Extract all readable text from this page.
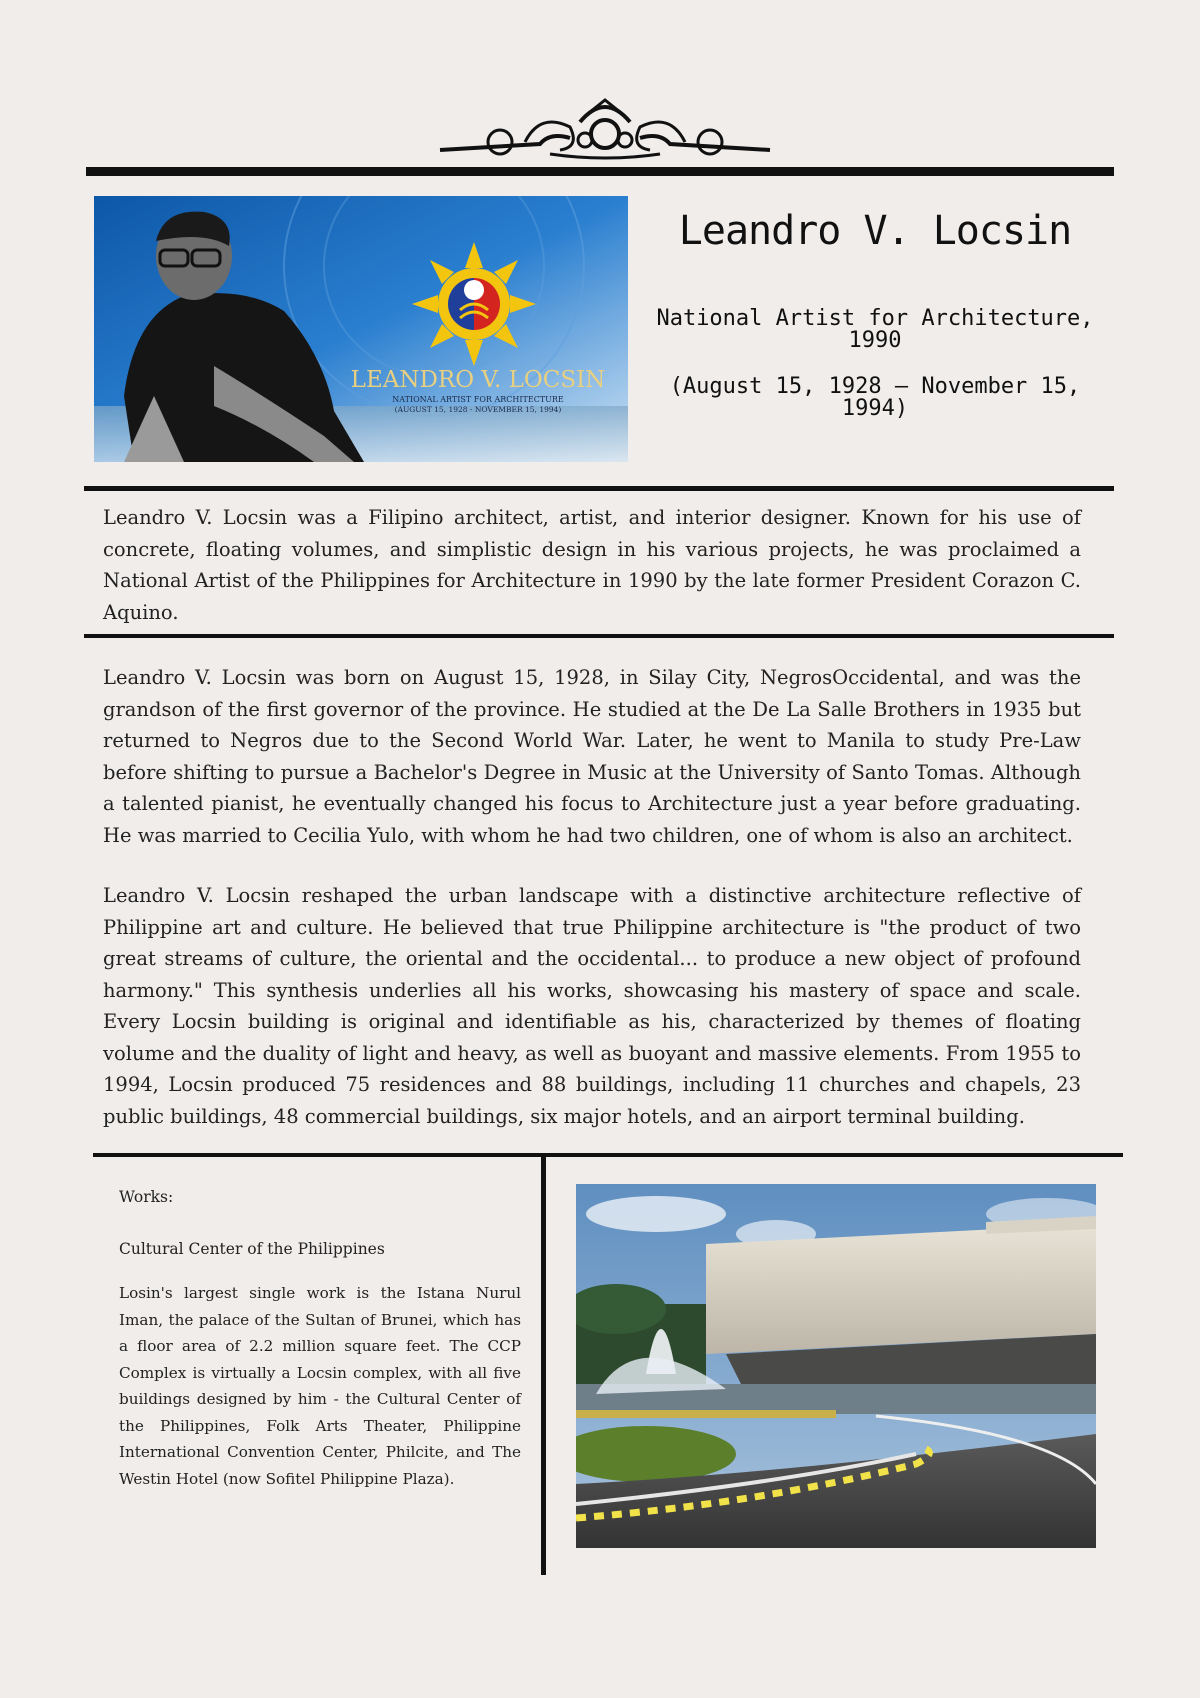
LEANDRO V. LOCSIN
NATIONAL ARTIST FOR ARCHITECTURE
(AUGUST 15, 1928 - NOVEMBER 15, 1994)
Leandro V. Locsin
National Artist for Architecture,
1990
(August 15, 1928 – November 15,
1994)

Leandro V. Locsin was a Filipino architect, artist, and interior designer. Known for his use of concrete, floating volumes, and simplistic design in his various projects, he was proclaimed a National Artist of the Philippines for Architecture in 1990 by the late former President Corazon C. Aquino.

Leandro V. Locsin was born on August 15, 1928, in Silay City, NegrosOccidental, and was the grandson of the first governor of the province. He studied at the De La Salle Brothers in 1935 but returned to Negros due to the Second World War. Later, he went to Manila to study Pre-Law before shifting to pursue a Bachelor's Degree in Music at the University of Santo Tomas. Although a talented pianist, he eventually changed his focus to Architecture just a year before graduating. He was married to Cecilia Yulo, with whom he had two children, one of whom is also an architect.

Leandro V. Locsin reshaped the urban landscape with a distinctive architecture reflective of Philippine art and culture. He believed that true Philippine architecture is "the product of two great streams of culture, the oriental and the occidental... to produce a new object of profound harmony." This synthesis underlies all his works, showcasing his mastery of space and scale. Every Locsin building is original and identifiable as his, characterized by themes of floating volume and the duality of light and heavy, as well as buoyant and massive elements. From 1955 to 1994, Locsin produced 75 residences and 88 buildings, including 11 churches and chapels, 23 public buildings, 48 commercial buildings, six major hotels, and an airport terminal building.

Works:

Cultural Center of the Philippines

Losin's largest single work is the Istana Nurul Iman, the palace of the Sultan of Brunei, which has a floor area of 2.2 million square feet. The CCP Complex is virtually a Locsin complex, with all five buildings designed by him - the Cultural Center of the Philippines, Folk Arts Theater, Philippine International Convention Center, Philcite, and The Westin Hotel (now Sofitel Philippine Plaza).
